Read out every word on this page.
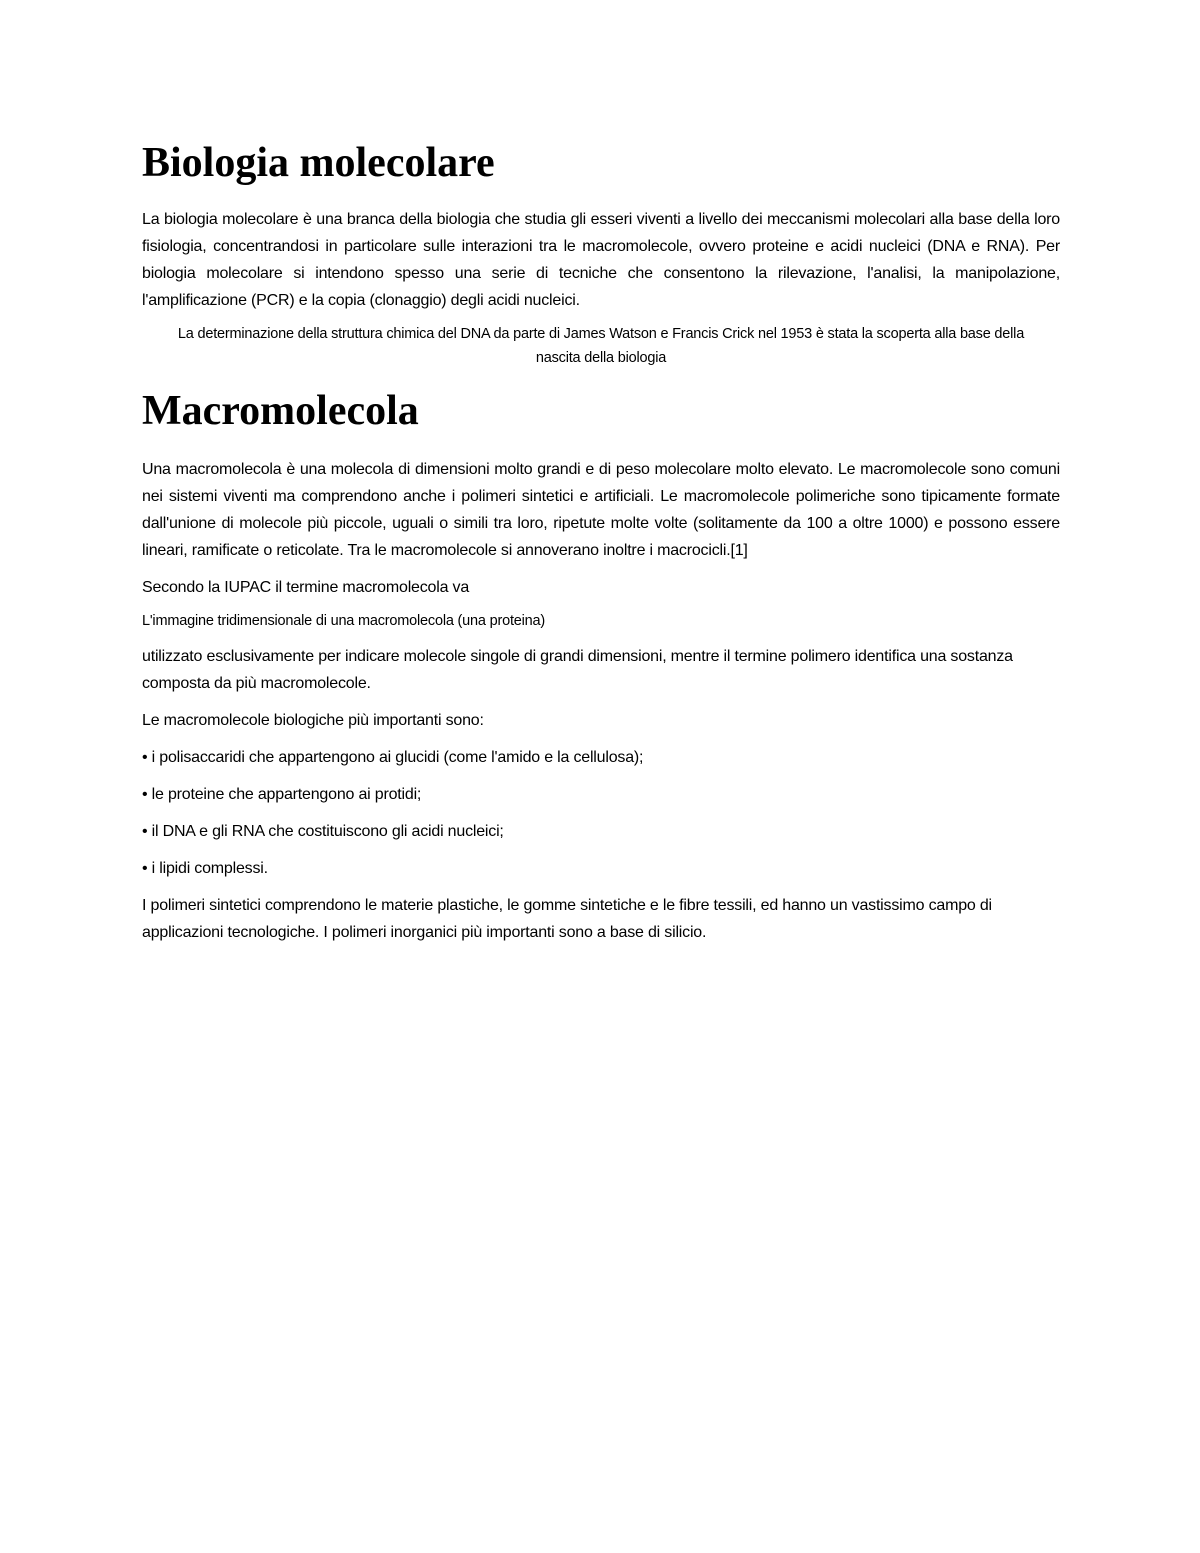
Biologia molecolare

La biologia molecolare è una branca della biologia che studia gli esseri viventi a livello dei meccanismi molecolari alla base della loro fisiologia, concentrandosi in particolare sulle interazioni tra le macromolecole, ovvero proteine e acidi nucleici (DNA e RNA). Per biologia molecolare si intendono spesso una serie di tecniche che consentono la rilevazione, l'analisi, la manipolazione, l'amplificazione (PCR) e la copia (clonaggio) degli acidi nucleici.

La determinazione della struttura chimica del DNA da parte di James Watson e Francis Crick nel 1953 è stata la scoperta alla base della nascita della biologia

Macromolecola

Una macromolecola è una molecola di dimensioni molto grandi e di peso molecolare molto elevato. Le macromolecole sono comuni nei sistemi viventi ma comprendono anche i polimeri sintetici e artificiali. Le macromolecole polimeriche sono tipicamente formate dall'unione di molecole più piccole, uguali o simili tra loro, ripetute molte volte (solitamente da 100 a oltre 1000) e possono essere lineari, ramificate o reticolate. Tra le macromolecole si annoverano inoltre i macrocicli.[1]

Secondo la IUPAC il termine macromolecola va

L'immagine tridimensionale di una macromolecola (una proteina)

utilizzato esclusivamente per indicare molecole singole di grandi dimensioni, mentre il termine polimero identifica una sostanza composta da più macromolecole.

Le macromolecole biologiche più importanti sono:

• i polisaccaridi che appartengono ai glucidi (come l'amido e la cellulosa);

• le proteine che appartengono ai protidi;

• il DNA e gli RNA che costituiscono gli acidi nucleici;

• i lipidi complessi.

I polimeri sintetici comprendono le materie plastiche, le gomme sintetiche e le fibre tessili, ed hanno un vastissimo campo di applicazioni tecnologiche. I polimeri inorganici più importanti sono a base di silicio.
